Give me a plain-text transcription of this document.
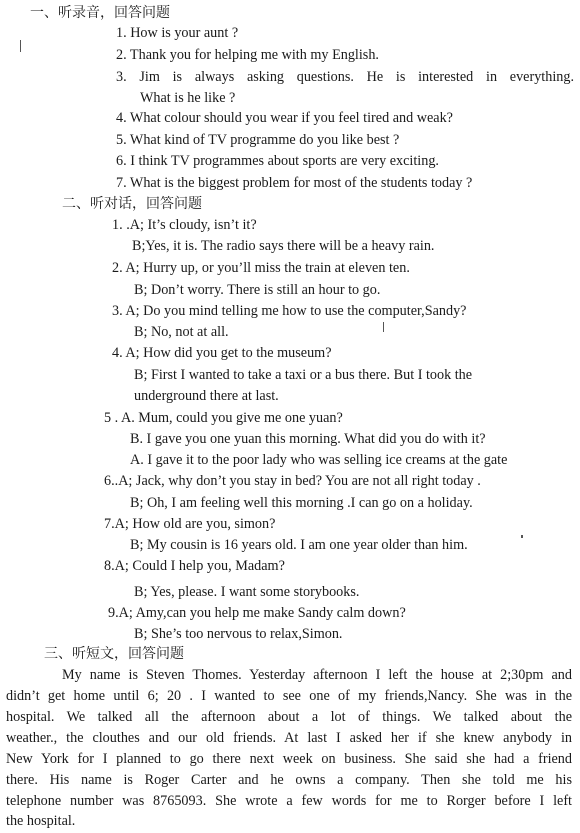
一、听录音，回答问题
1. How is your aunt ?
2. Thank you for helping me with my English.
3. Jim is always asking questions. He is interested in everything.
What is he like ?
4. What colour should you wear if you feel tired and weak?
5. What kind of TV programme do you like best ?
6. I think TV programmes about sports are very exciting.
7. What is the biggest problem for most of the students today ?
二、听对话，回答问题
1. .A; It’s cloudy, isn’t it?
B;Yes, it is. The radio says there will be a heavy rain.
2. A; Hurry up, or you’ll miss the train at eleven ten.
B; Don’t worry. There is still an hour to go.
3. A; Do you mind telling me how to use the computer,Sandy?
B; No, not at all.
4. A; How did you get to the museum?
B; First I wanted to take a taxi or a bus there. But I took the
underground there at last.
5 . A. Mum, could you give me one yuan?
B. I gave you one yuan this morning. What did you do with it?
A. I gave it to the poor lady who was selling ice creams at the gate
6..A; Jack, why don’t you stay in bed? You are not all right today .
B; Oh, I am feeling well this morning .I can go on a holiday.
7.A; How old are you, simon?
B; My cousin is 16 years old. I am one year older than him.
8.A; Could I help you, Madam?
B; Yes, please. I want some storybooks.
9.A; Amy,can you help me make Sandy calm down?
B; She’s too nervous to relax,Simon.
三、听短文，回答问题
My name is Steven Thomes. Yesterday afternoon I left the house at 2;30pm and
didn’t get home until 6; 20 . I wanted to see one of my friends,Nancy. She was in the
hospital. We talked all the afternoon about a lot of things. We talked about the
weather., the clouthes and our old friends. At last I asked her if she knew anybody in
New York for I planned to go there next week on business. She said she had a friend
there. His name is Roger Carter and he owns a company. Then she told me his
telephone number was 8765093. She wrote a few words for me to Rorger before I left
the hospital.
